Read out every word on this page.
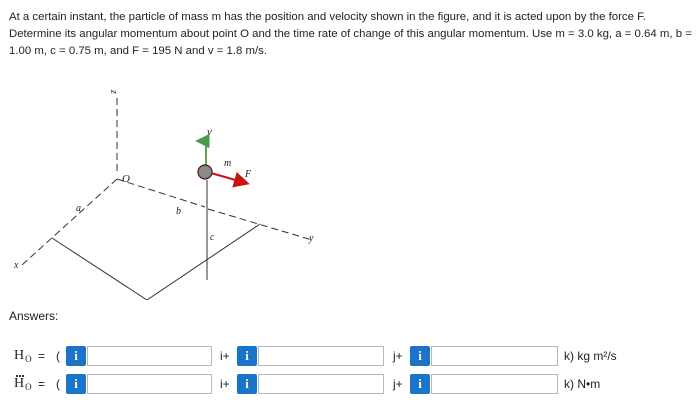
At a certain instant, the particle of mass m has the position and velocity shown in the figure, and it is acted upon by the force F. Determine its angular momentum about point O and the time rate of change of this angular momentum. Use m = 3.0 kg, a = 0.64 m, b = 1.00 m, c = 0.75 m, and F = 195 N and v = 1.8 m/s.

z
O
v
m
F
a	b
c
x
y
Answers:
$H_O$ = (	i	i+	i	j+	i	k) kg m²/s
$H_O$ = (	i	i+	i	j+	i	k) N•m
